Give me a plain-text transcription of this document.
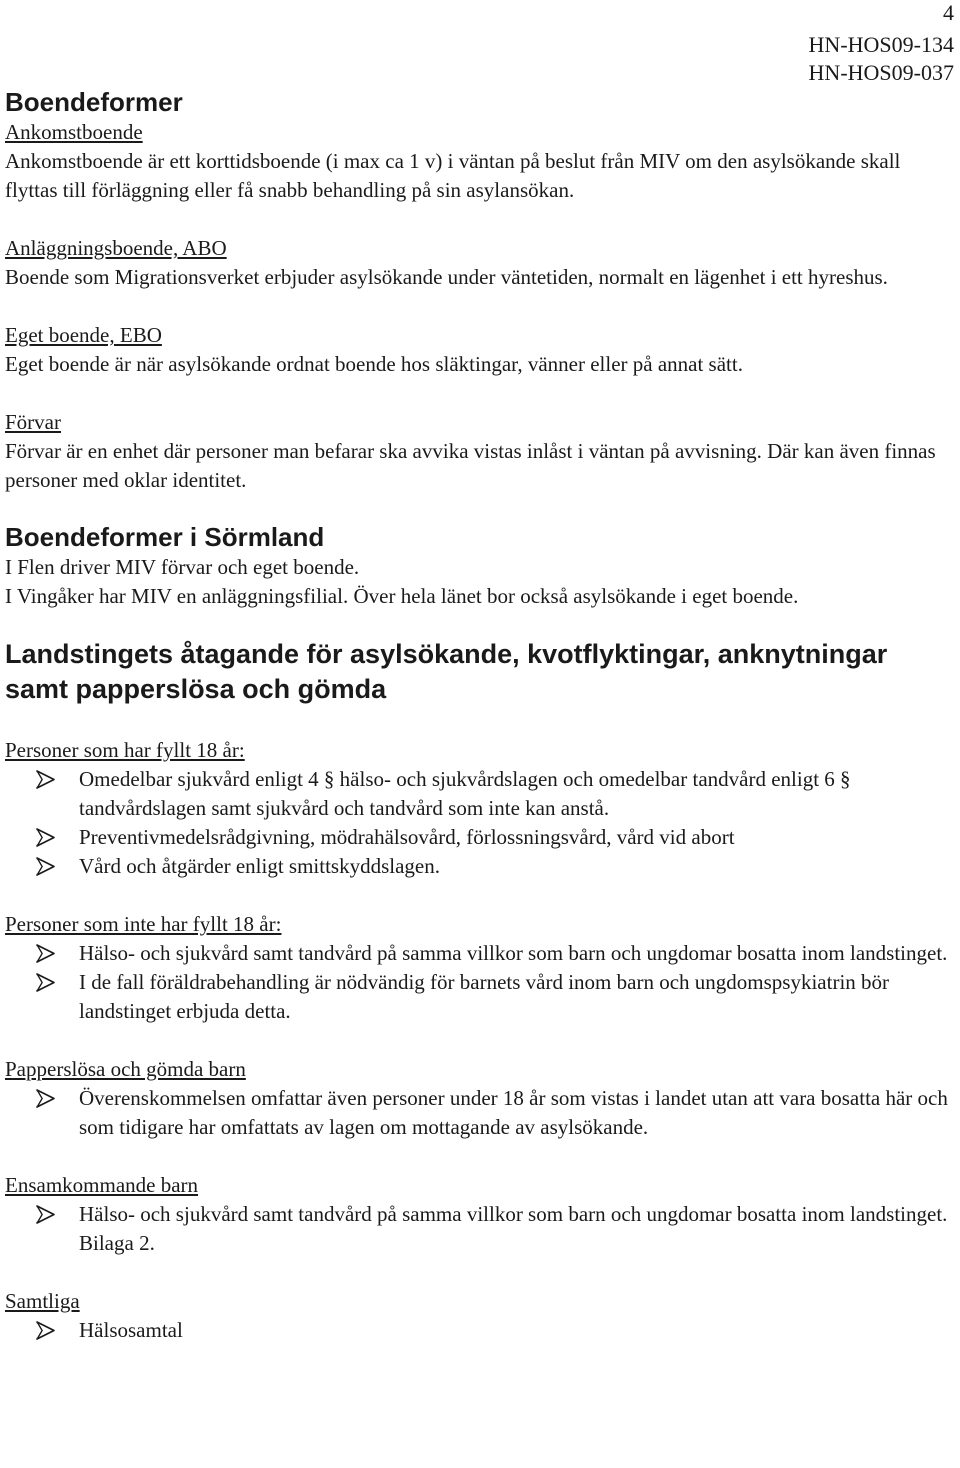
4
HN-HOS09-134
HN-HOS09-037
Boendeformer
Ankomstboende

Ankomstboende är ett korttidsboende (i max ca 1 v) i väntan på beslut från MIV om den asylsökande skall flyttas till förläggning eller få snabb behandling på sin asylansökan.

Anläggningsboende, ABO

Boende som Migrationsverket erbjuder asylsökande under väntetiden, normalt en lägenhet i ett hyreshus.

Eget boende, EBO

Eget boende är när asylsökande ordnat boende hos släktingar, vänner eller på annat sätt.

Förvar

Förvar är en enhet där personer man befarar ska avvika vistas inlåst i väntan på avvisning. Där kan även finnas personer med oklar identitet.

Boendeformer i Sörmland

I Flen driver MIV förvar och eget boende.

I Vingåker har MIV en anläggningsfilial. Över hela länet bor också asylsökande i eget boende.

Landstingets åtagande för asylsökande, kvotflyktingar, anknytningar samt papperslösa och gömda
Personer som har fyllt 18 år:
Omedelbar sjukvård enligt 4 § hälso- och sjukvårdslagen och omedelbar tandvård enligt 6 § tandvårdslagen samt sjukvård och tandvård som inte kan anstå.
Preventivmedelsrådgivning, mödrahälsovård, förlossningsvård, vård vid abort
Vård och åtgärder enligt smittskyddslagen.
Personer som inte har fyllt 18 år:
Hälso- och sjukvård samt tandvård på samma villkor som barn och ungdomar bosatta inom landstinget.
I de fall föräldrabehandling är nödvändig för barnets vård inom barn och ungdomspsykiatrin bör landstinget erbjuda detta.
Papperslösa och gömda barn
Överenskommelsen omfattar även personer under 18 år som vistas i landet utan att vara bosatta här och som tidigare har omfattats av lagen om mottagande av asylsökande.
Ensamkommande barn
Hälso- och sjukvård samt tandvård på samma villkor som barn och ungdomar bosatta inom landstinget. Bilaga 2.
Samtliga
Hälsosamtal
